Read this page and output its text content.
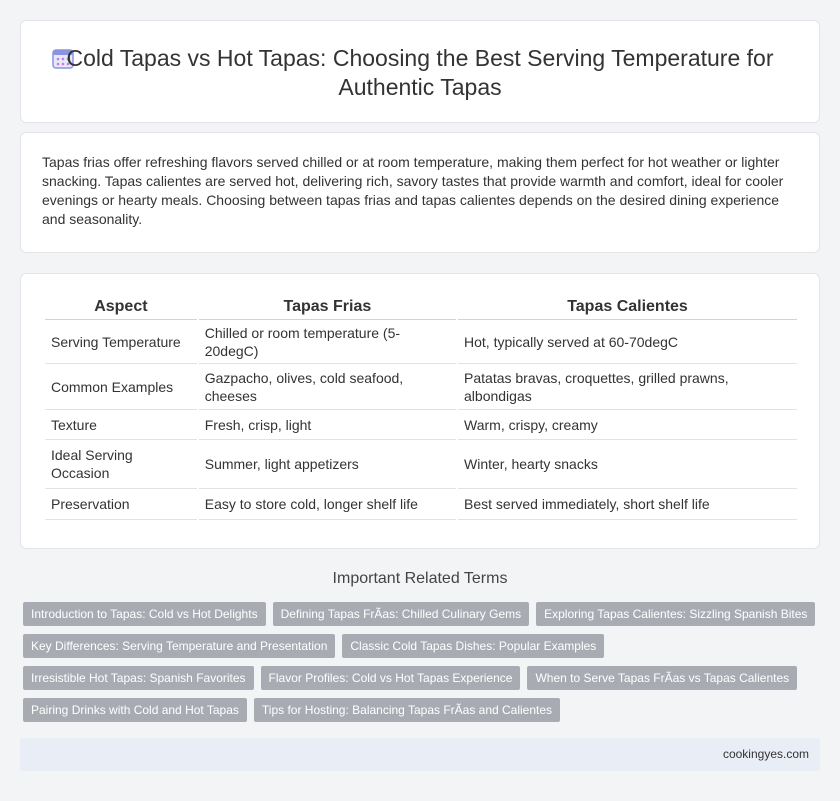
Cold Tapas vs Hot Tapas: Choosing the Best Serving Temperature for Authentic Tapas

Tapas frias offer refreshing flavors served chilled or at room temperature, making them perfect for hot weather or lighter snacking. Tapas calientes are served hot, delivering rich, savory tastes that provide warmth and comfort, ideal for cooler evenings or hearty meals. Choosing between tapas frias and tapas calientes depends on the desired dining experience and seasonality.

Aspect	Tapas Frias	Tapas Calientes
Serving Temperature	Chilled or room temperature (5-20degC)	Hot, typically served at 60-70degC
Common Examples	Gazpacho, olives, cold seafood, cheeses	Patatas bravas, croquettes, grilled prawns, albondigas
Texture	Fresh, crisp, light	Warm, crispy, creamy
Ideal Serving Occasion	Summer, light appetizers	Winter, hearty snacks
Preservation	Easy to store cold, longer shelf life	Best served immediately, short shelf life
Important Related Terms
Introduction to Tapas: Cold vs Hot Delights	Defining Tapas FrÃas: Chilled Culinary Gems	Exploring Tapas Calientes: Sizzling Spanish Bites
Key Differences: Serving Temperature and Presentation	Classic Cold Tapas Dishes: Popular Examples
Irresistible Hot Tapas: Spanish Favorites	Flavor Profiles: Cold vs Hot Tapas Experience	When to Serve Tapas FrÃas vs Tapas Calientes
Pairing Drinks with Cold and Hot Tapas	Tips for Hosting: Balancing Tapas FrÃas and Calientes
cookingyes.com
